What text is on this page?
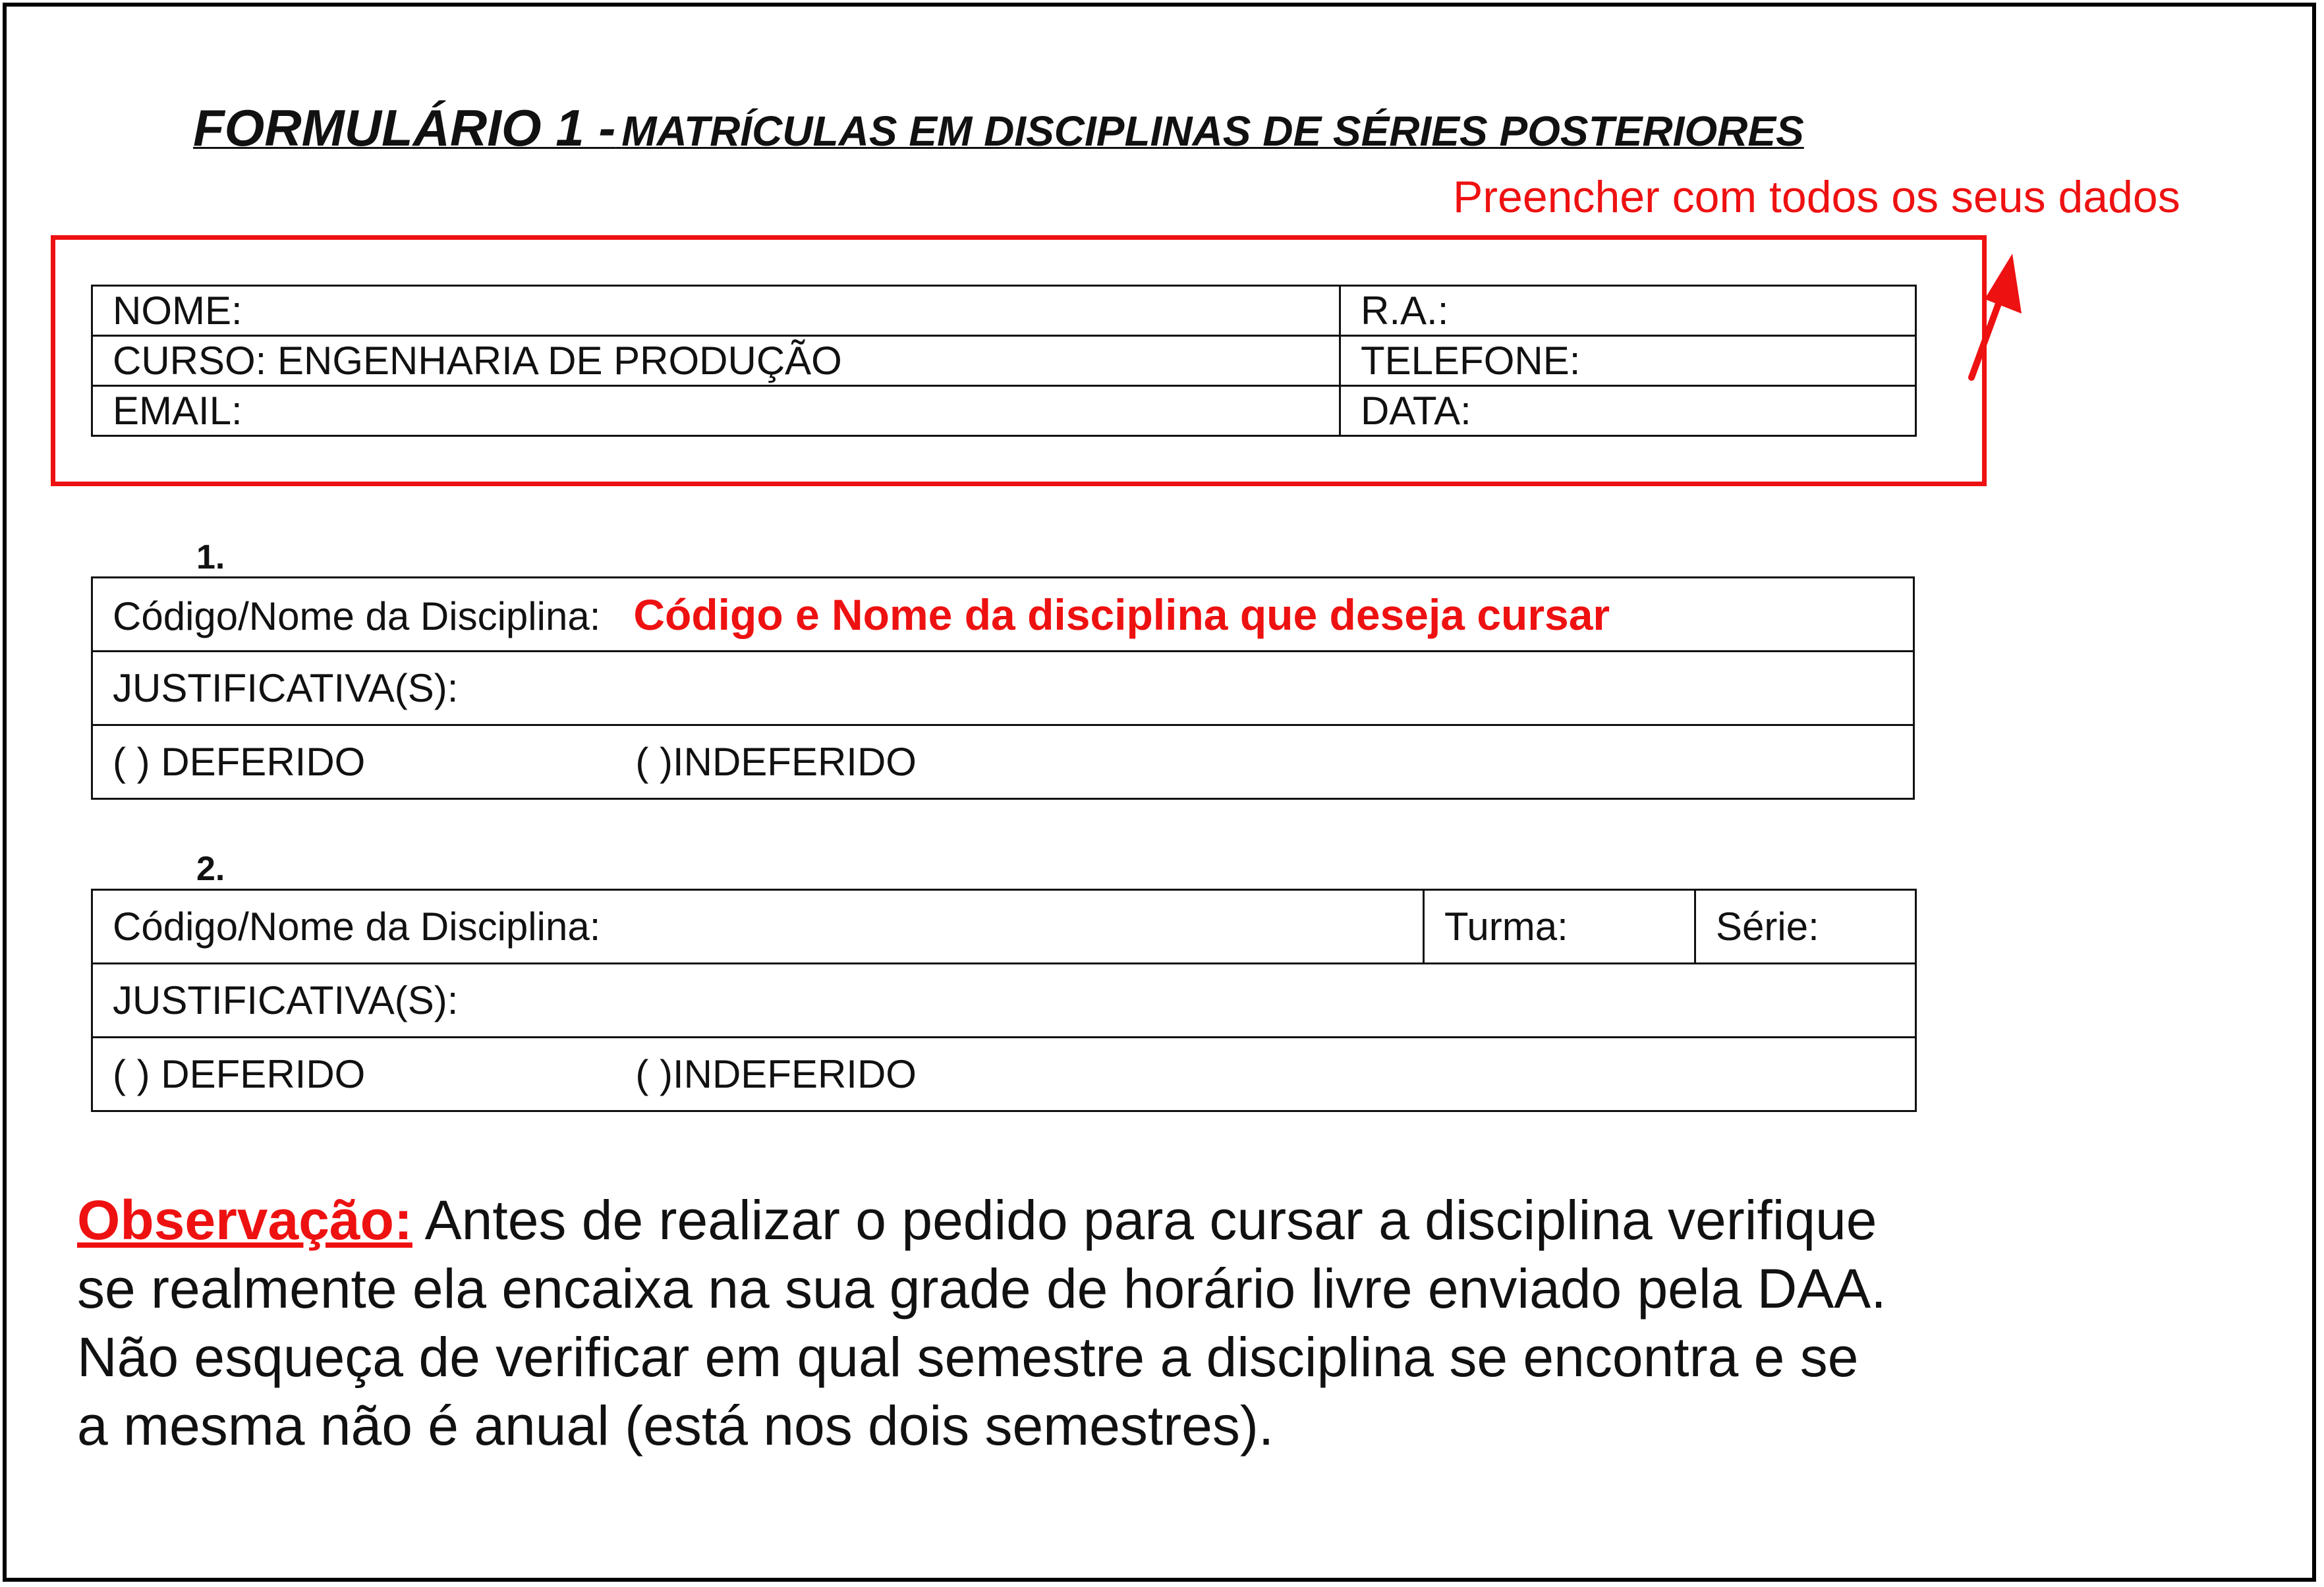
FORMULÁRIO 1 - MATRÍCULAS EM DISCIPLINAS DE SÉRIES POSTERIORES
Preencher com todos os seus dados
NOME:	R.A.:
CURSO: ENGENHARIA DE PRODUÇÃO	TELEFONE:
EMAIL:	DATA:
1.
Código/Nome da Disciplina: Código e Nome da disciplina que deseja cursar
JUSTIFICATIVA(S):
( ) DEFERIDO	( )INDEFERIDO
2.
Código/Nome da Disciplina:	Turma:	Série:
JUSTIFICATIVA(S):
( ) DEFERIDO	( )INDEFERIDO

Observação: Antes de realizar o pedido para cursar a disciplina verifique
se realmente ela encaixa na sua grade de horário livre enviado pela DAA.
Não esqueça de verificar em qual semestre a disciplina se encontra e se
a mesma não é anual (está nos dois semestres).
